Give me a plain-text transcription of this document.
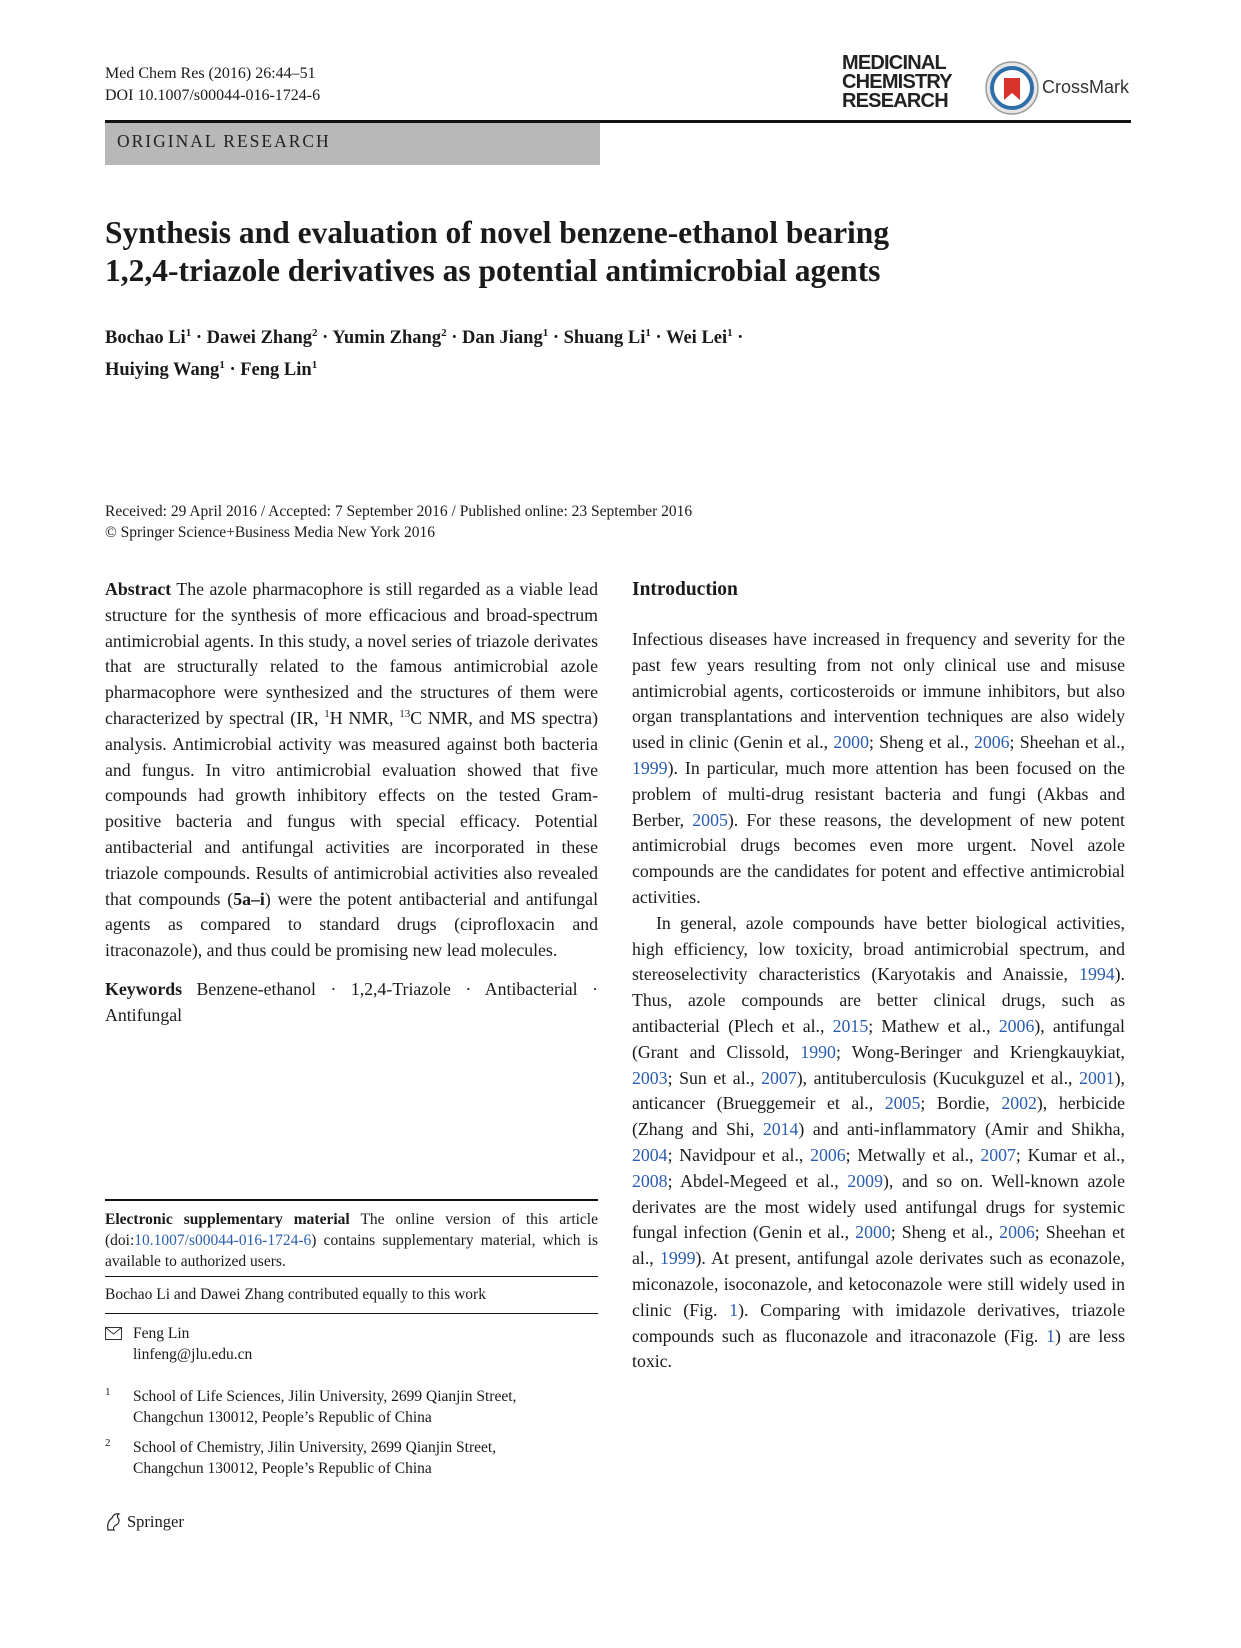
Med Chem Res (2016) 26:44–51
DOI 10.1007/s00044-016-1724-6
MEDICINAL
CHEMISTRY
RESEARCH
CrossMark
ORIGINAL RESEARCH
Synthesis and evaluation of novel benzene-ethanol bearing
1,2,4-triazole derivatives as potential antimicrobial agents
Bochao $Li^1$ · Dawei Zhang$^2$ · Yumin Zhang$^2$ · Dan Jiang$^1$ · Shuang $Li^1$ · Wei Lei$^1$ ·
Huiying Wang$^1$ · Feng Lin$^1$
Received: 29 April 2016 / Accepted: 7 September 2016 / Published online: 23 September 2016
© Springer Science+Business Media New York 2016

Abstract The azole pharmacophore is still regarded as a viable lead structure for the synthesis of more efficacious and broad-spectrum antimicrobial agents. In this study, a novel series of triazole derivates that are structurally related to the famous antimicrobial azole pharmacophore were synthesized and the structures of them were characterized by spectral (IR, $^1$H NMR, $^{13}$C NMR, and MS spectra) analysis. Antimicrobial activity was measured against both bacteria and fungus. In vitro antimicrobial evaluation showed that five compounds had growth inhibitory effects on the tested Gram-positive bacteria and fungus with special efficacy. Potential antibacterial and antifungal activities are incorporated in these triazole compounds. Results of antimicrobial activities also revealed that compounds (5a–i) were the potent antibacterial and antifungal agents as compared to standard drugs (ciprofloxacin and itraconazole), and thus could be promising new lead molecules.

Keywords Benzene-ethanol · 1,2,4-Triazole · Antibacterial · Antifungal

Electronic supplementary material The online version of this article (doi:10.1007/s00044-016-1724-6) contains supplementary material, which is available to authorized users.
Bochao Li and Dawei Zhang contributed equally to this work
Feng Lin
linfeng@jlu.edu.cn
1 School of Life Sciences, Jilin University, 2699 Qianjin Street,
Changchun 130012, People’s Republic of China
2 School of Chemistry, Jilin University, 2699 Qianjin Street,
Changchun 130012, People’s Republic of China
Introduction

Infectious diseases have increased in frequency and severity for the past few years resulting from not only clinical use and misuse antimicrobial agents, corticosteroids or immune inhibitors, but also organ transplantations and intervention techniques are also widely used in clinic (Genin et al., 2000; Sheng et al., 2006; Sheehan et al., 1999). In particular, much more attention has been focused on the problem of multi-drug resistant bacteria and fungi (Akbas and Berber, 2005). For these reasons, the development of new potent antimicrobial drugs becomes even more urgent. Novel azole compounds are the candidates for potent and effective antimicrobial activities.

In general, azole compounds have better biological activities, high efficiency, low toxicity, broad antimicrobial spectrum, and stereoselectivity characteristics (Karyotakis and Anaissie, 1994). Thus, azole compounds are better clinical drugs, such as antibacterial (Plech et al., 2015; Mathew et al., 2006), antifungal (Grant and Clissold, 1990; Wong-Beringer and Kriengkauykiat, 2003; Sun et al., 2007), antituberculosis (Kucukguzel et al., 2001), anticancer (Brueggemeir et al., 2005; Bordie, 2002), herbicide (Zhang and Shi, 2014) and anti-inflammatory (Amir and Shikha, 2004; Navidpour et al., 2006; Metwally et al., 2007; Kumar et al., 2008; Abdel-Megeed et al., 2009), and so on. Well-known azole derivates are the most widely used antifungal drugs for systemic fungal infection (Genin et al., 2000; Sheng et al., 2006; Sheehan et al., 1999). At present, antifungal azole derivates such as econazole, miconazole, isoconazole, and ketoconazole were still widely used in clinic (Fig. 1). Comparing with imidazole derivatives, triazole compounds such as fluconazole and itraconazole (Fig. 1) are less toxic.

Springer
